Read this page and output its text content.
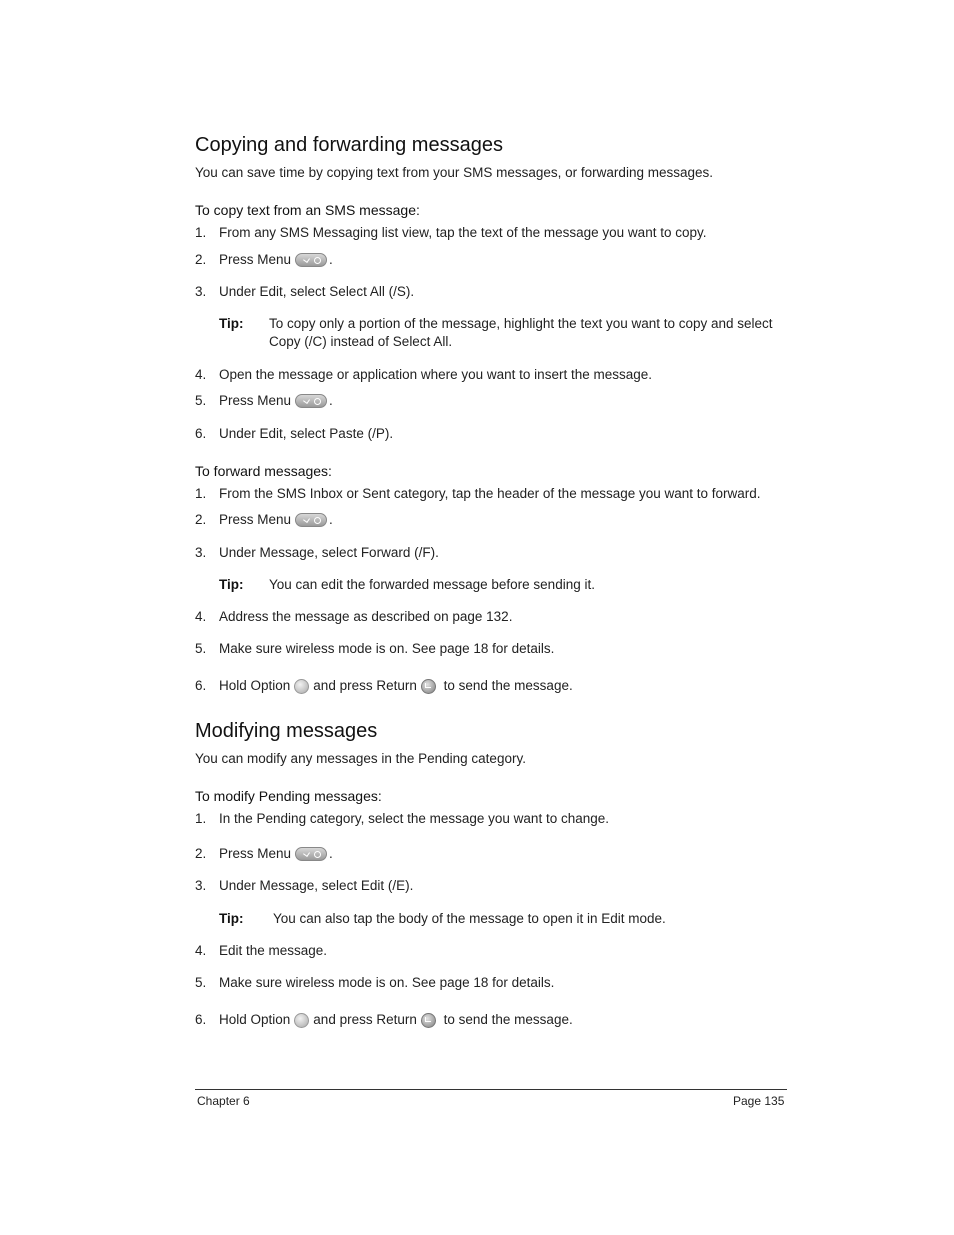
Copying and forwarding messages
You can save time by copying text from your SMS messages, or forwarding messages.
To copy text from an SMS message:
1. From any SMS Messaging list view, tap the text of the message you want to copy.
2. Press Menu	.
3. Under Edit, select Select All (/S).
Tip: To copy only a portion of the message, highlight the text you want to copy and select
Copy (/C) instead of Select All.
4. Open the message or application where you want to insert the message.
5. Press Menu	.
6. Under Edit, select Paste (/P).
To forward messages:
1. From the SMS Inbox or Sent category, tap the header of the message you want to forward.
2. Press Menu	.
3. Under Message, select Forward (/F).
Tip: You can edit the forwarded message before sending it.
4. Address the message as described on page 132.
5. Make sure wireless mode is on. See page 18 for details.
6. Hold Option and press Return to send the message.
Modifying messages
You can modify any messages in the Pending category.
To modify Pending messages:
1. In the Pending category, select the message you want to change.
2. Press Menu	.
3. Under Message, select Edit (/E).
Tip: You can also tap the body of the message to open it in Edit mode.
4. Edit the message.
5. Make sure wireless mode is on. See page 18 for details.
6. Hold Option and press Return to send the message.
Chapter 6	Page 135
